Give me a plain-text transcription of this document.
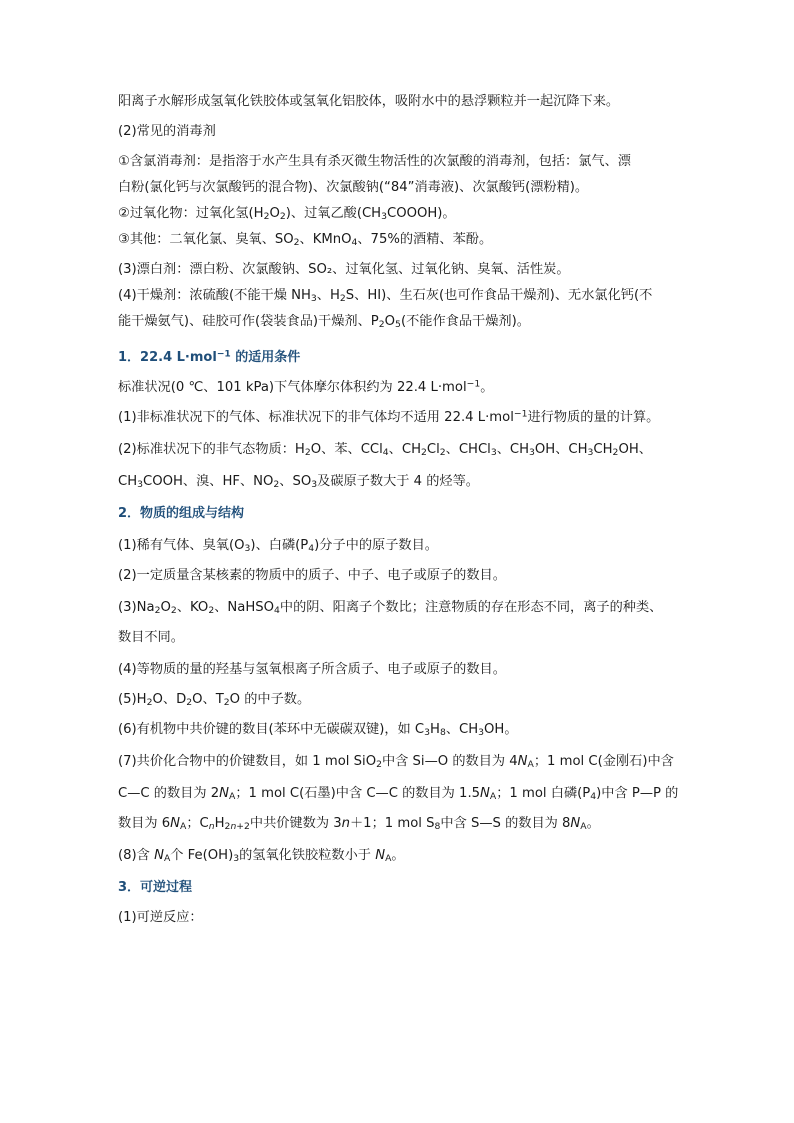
阳离子水解形成氢氧化铁胶体或氢氧化铝胶体，吸附水中的悬浮颗粒并一起沉降下来。

(2)常见的消毒剂

①含氯消毒剂：是指溶于水产生具有杀灭微生物活性的次氯酸的消毒剂，包括：氯气、漂

白粉(氯化钙与次氯酸钙的混合物)、次氯酸钠(“84”消毒液)、次氯酸钙(漂粉精)。

②过氧化物：过氧化氢$(H_2O_2)$、过氧乙酸$(CH_3COOOH)$。

③其他：二氧化氯、臭氧、$SO_2$、KMnO$_4$、75%的酒精、苯酚。

(3)漂白剂：漂白粉、次氯酸钠、SO₂、过氧化氢、过氧化钠、臭氧、活性炭。

(4)干燥剂：浓硫酸(不能干燥 $NH_3$、$H_2S$、HI)、生石灰(也可作食品干燥剂)、无水氯化钙(不

能干燥氨气)、硅胶可作(袋装食品)干燥剂、$P_2O_5$(不能作食品干燥剂)。

1．22.4 L·mol$^{-1}$ 的适用条件

标准状况(0 ℃、101 kPa)下气体摩尔体积约为 22.4 L·mol$^{-1}$。

(1)非标准状况下的气体、标准状况下的非气体均不适用 22.4 L·mol$^{-1}$进行物质的量的计算。

(2)标准状况下的非气态物质：$H_2O$、苯、CCl$_4$、$CH_2Cl_2$、CHCl$_3$、$CH_3OH$、$CH_3CH_2OH$、

$CH_3COOH$、溴、HF、$NO_2$、$SO_3$及碳原子数大于 4 的烃等。

2．物质的组成与结构

(1)稀有气体、臭氧$(O_3)$、白磷$(P_4)$分子中的原子数目。

(2)一定质量含某核素的物质中的质子、中子、电子或原子的数目。

$(3)Na_2O_2$、$KO_2$、NaHSO$_4$中的阴、阳离子个数比；注意物质的存在形态不同，离子的种类、

数目不同。

(4)等物质的量的羟基与氢氧根离子所含质子、电子或原子的数目。

$(5)H_2O$、$D_2O$、$T_2O$ 的中子数。

(6)有机物中共价键的数目(苯环中无碳碳双键)，如 $C_3H_8$、$CH_3OH$。

(7)共价化合物中的价键数目，如 1 mol SiO$_2$中含 Si—O 的数目为 $4N_A$；1 mol C(金刚石)中含

C—C 的数目为 $2N_A$；1 mol C(石墨)中含 C—C 的数目为 $1.5N_A$；1 mol 白磷$(P_4)$中含 P—P 的

数目为 $6N_A$；$C_nH_{2n+2}$中共价键数为 3n＋1；1 mol $S_8$中含 S—S 的数目为 $8N_A$。

(8)含 $N_A$个 $Fe(OH)_3$的氢氧化铁胶粒数小于 $N_A$。

3．可逆过程

(1)可逆反应：
